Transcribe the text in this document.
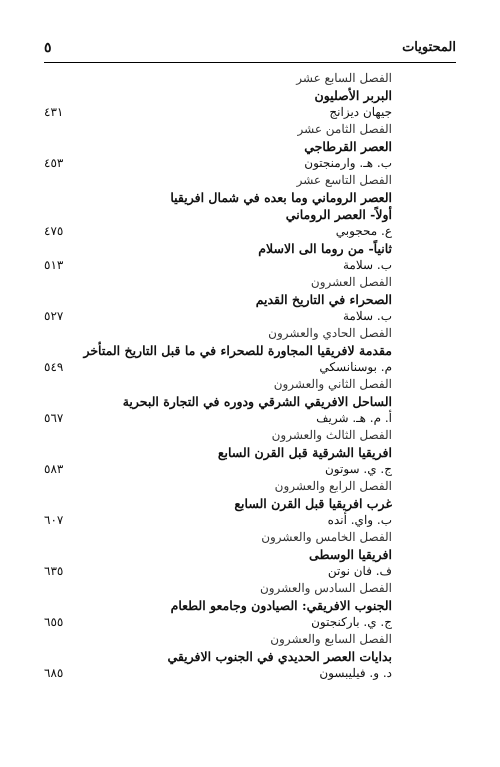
المحتويات
٥
الفصل السابع عشر
البربر الأصليون
جيهان ديزانج
٤٣١
الفصل الثامن عشر
العصر القرطاجي
ب. هـ. وارمنجتون
٤٥٣
الفصل التاسع عشر
العصر الروماني وما بعده في شمال افريقيا
أولاً- العصر الروماني
ع. محجوبي
٤٧٥
ثانياً- من روما الى الاسلام
ب. سلامة
٥١٣
الفصل العشرون
الصحراء في التاريخ القديم
ب. سلامة
٥٢٧
الفصل الحادي والعشرون
مقدمة لافريقيا المجاورة للصحراء في ما قبل التاريخ المتأخر
م. بوسنانسكي
٥٤٩
الفصل الثاني والعشرون
الساحل الافريقي الشرقي ودوره في التجارة البحرية
أ. م. هـ. شريف
٥٦٧
الفصل الثالث والعشرون
افريقيا الشرقية قبل القرن السابع
ج. ي. سوتون
٥٨٣
الفصل الرابع والعشرون
غرب افريقيا قبل القرن السابع
ب. واي. أنده
٦٠٧
الفصل الخامس والعشرون
افريقيا الوسطى
ف. فان نوتن
٦٣٥
الفصل السادس والعشرون
الجنوب الافريقي: الصيادون وجامعو الطعام
ج. ي. باركنجتون
٦٥٥
الفصل السابع والعشرون
بدايات العصر الحديدي في الجنوب الافريقي
د. و. فيليبسون
٦٨٥
